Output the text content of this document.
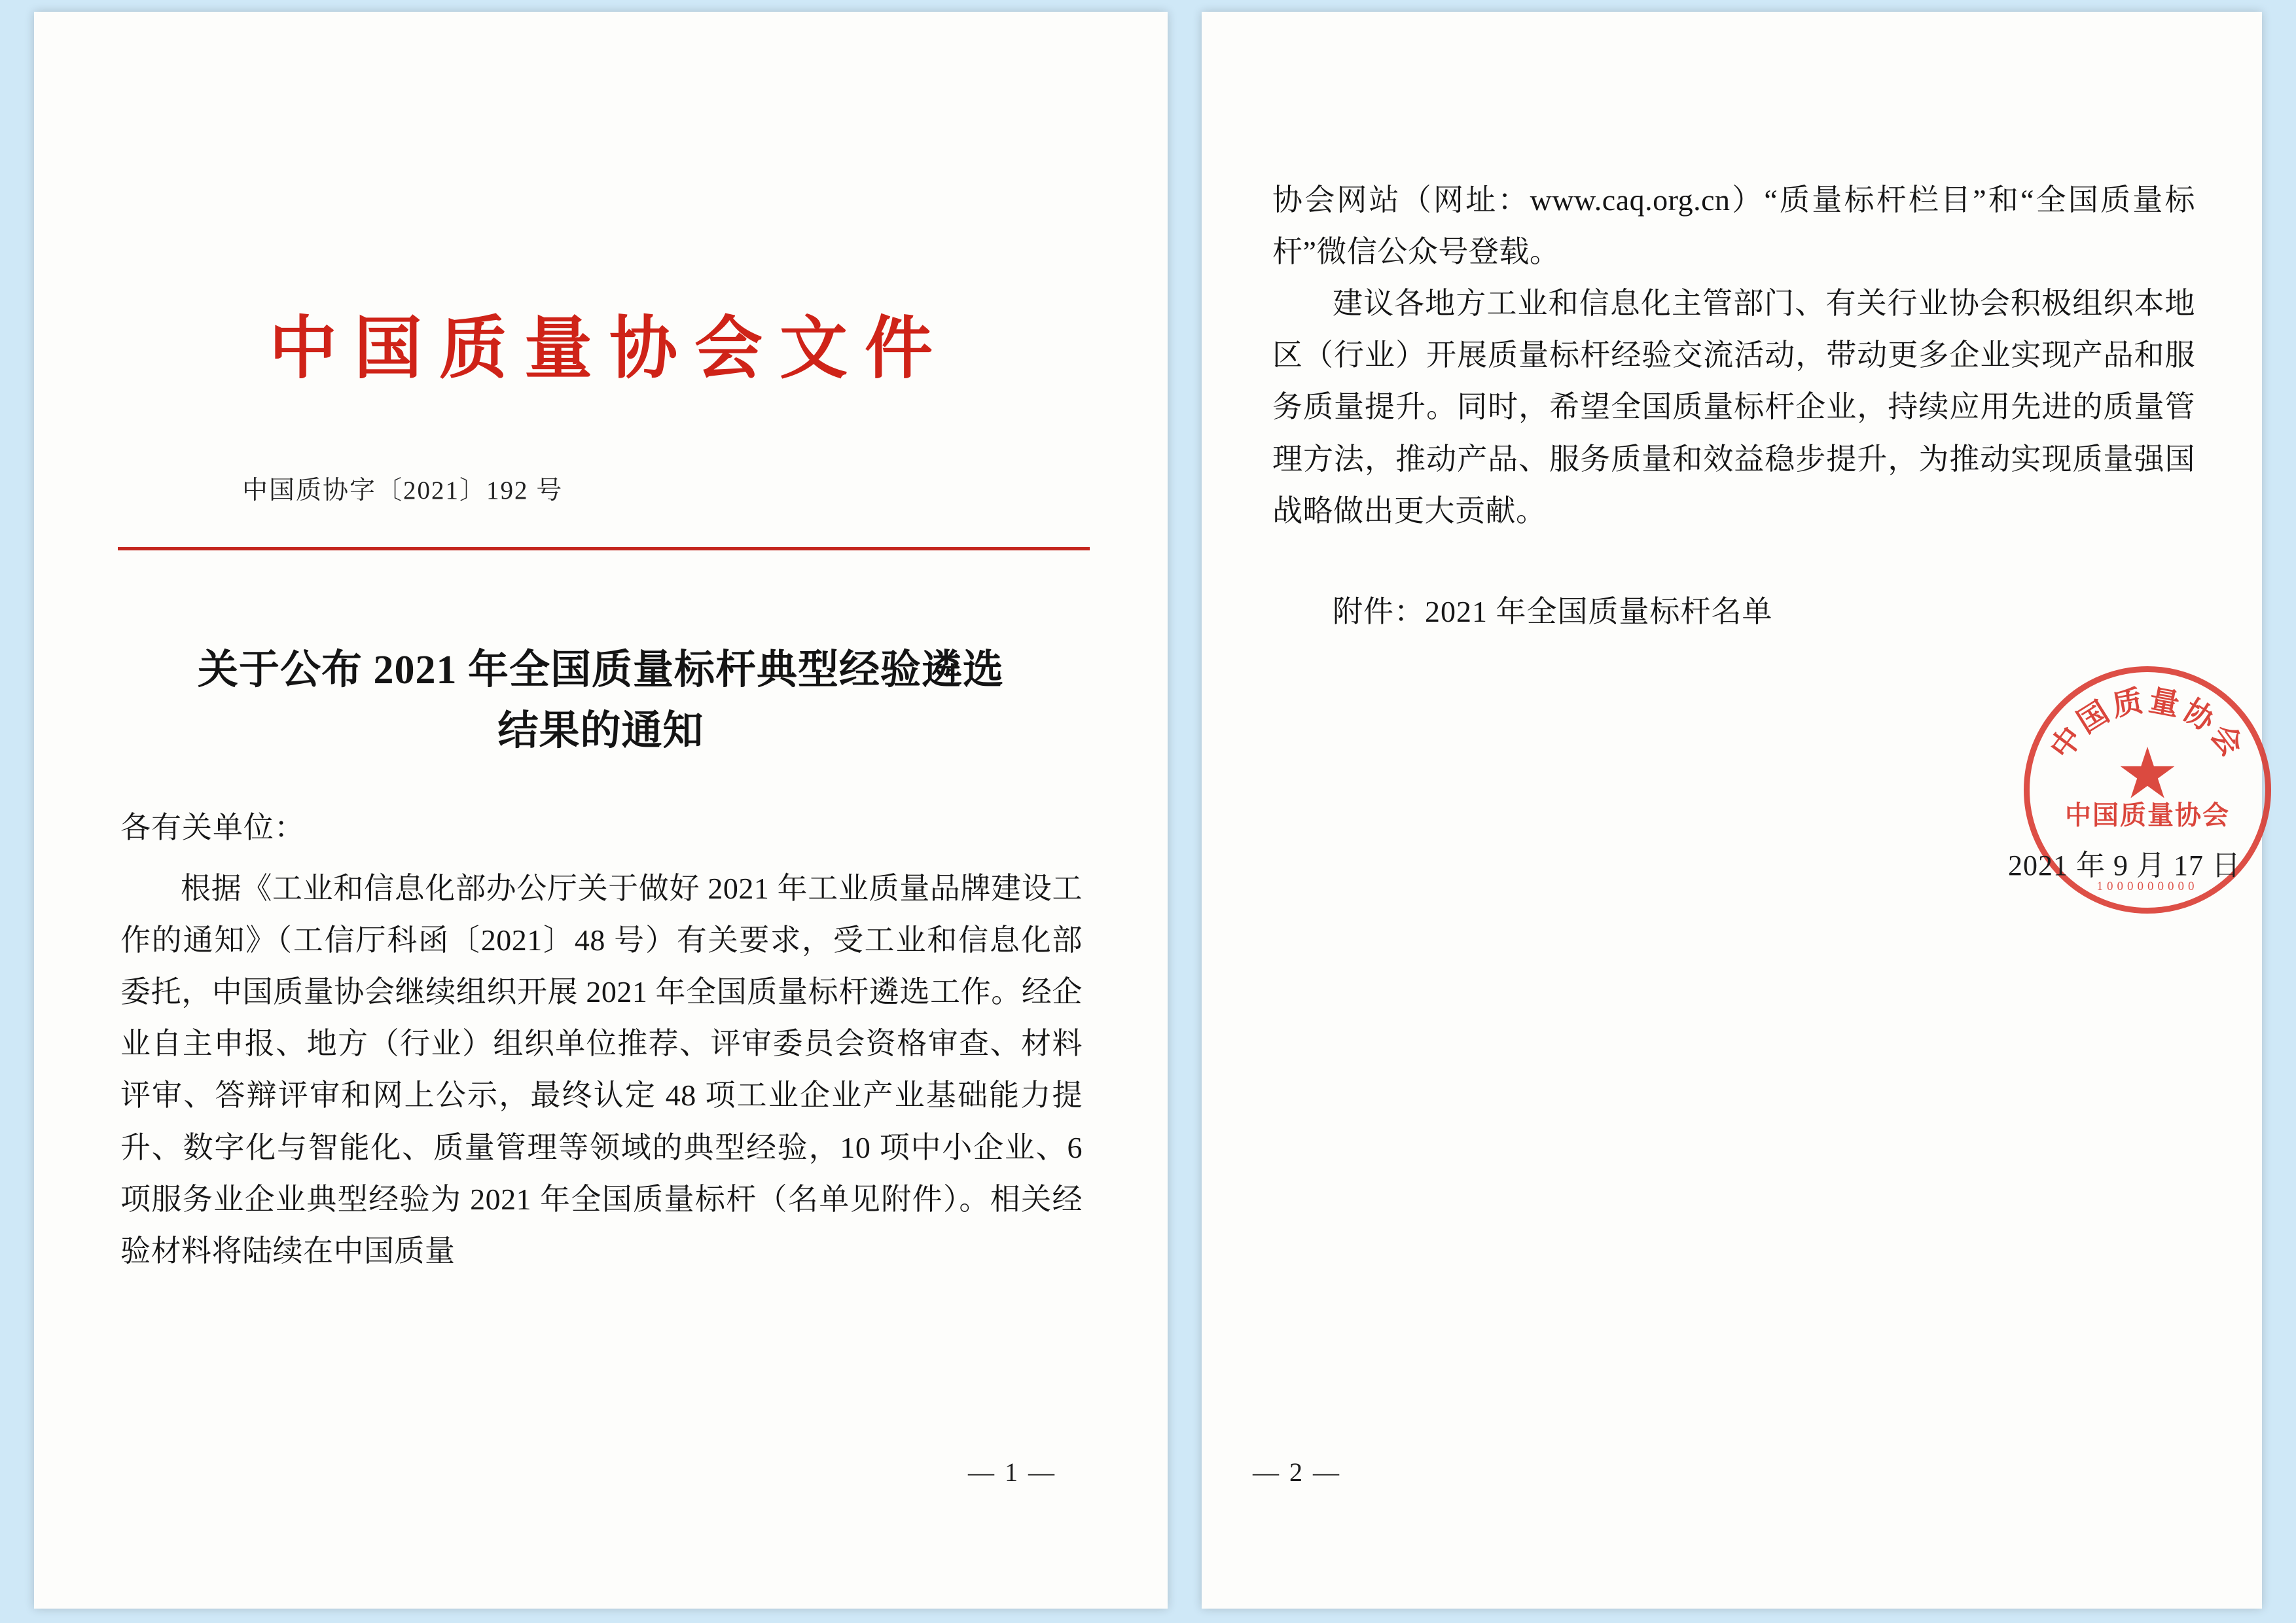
中国质量协会文件
中国质协字〔2021〕192 号
关于公布 2021 年全国质量标杆典型经验遴选
结果的通知
各有关单位：

根据《工业和信息化部办公厅关于做好 2021 年工业质量品牌建设工作的通知》（工信厅科函〔2021〕48 号）有关要求，受工业和信息化部委托，中国质量协会继续组织开展 2021 年全国质量标杆遴选工作。经企业自主申报、地方（行业）组织单位推荐、评审委员会资格审查、材料评审、答辩评审和网上公示，最终认定 48 项工业企业产业基础能力提升、数字化与智能化、质量管理等领域的典型经验，10 项中小企业、6 项服务业企业典型经验为 2021 年全国质量标杆（名单见附件）。相关经验材料将陆续在中国质量

— 1 —

协会网站（网址：www.caq.org.cn）“质量标杆栏目”和“全国质量标杆”微信公众号登载。

建议各地方工业和信息化主管部门、有关行业协会积极组织本地区（行业）开展质量标杆经验交流活动，带动更多企业实现产品和服务质量提升。同时，希望全国质量标杆企业，持续应用先进的质量管理方法，推动产品、服务质量和效益稳步提升，为推动实现质量强国战略做出更大贡献。

附件：2021 年全国质量标杆名单
中国质量协会
★
中国质量协会
1000000000
2021 年 9 月 17 日
— 2 —
